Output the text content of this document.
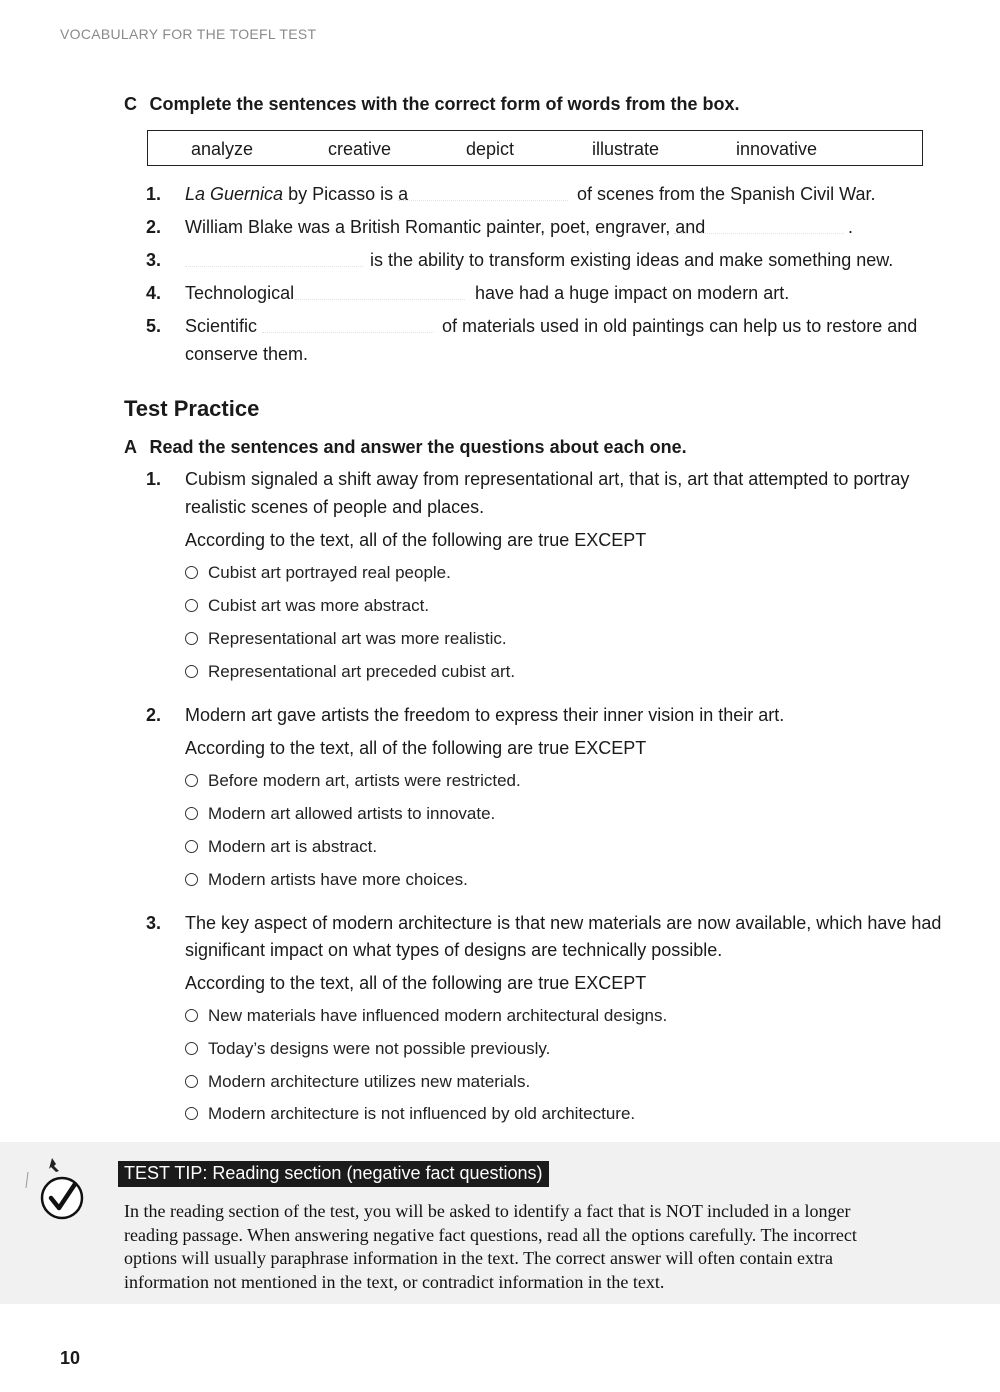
VOCABULARY FOR THE TOEFL TEST
C Complete the sentences with the correct form of words from the box.
analyze	creative	depict	illustrate	innovative
1.	La Guernica by Picasso is a	of scenes from the Spanish Civil War.
2.	William Blake was a British Romantic painter, poet, engraver, and	.
3.	is the ability to transform existing ideas and make something new.
4.	Technological	have had a huge impact on modern art.
5.	Scientific	of materials used in old paintings can help us to restore and
conserve them.
Test Practice
A Read the sentences and answer the questions about each one.
1.	Cubism signaled a shift away from representational art, that is, art that attempted to portray
realistic scenes of people and places.
According to the text, all of the following are true EXCEPT
Cubist art portrayed real people.
Cubist art was more abstract.
Representational art was more realistic.
Representational art preceded cubist art.
2.	Modern art gave artists the freedom to express their inner vision in their art.
According to the text, all of the following are true EXCEPT
Before modern art, artists were restricted.
Modern art allowed artists to innovate.
Modern art is abstract.
Modern artists have more choices.
3.	The key aspect of modern architecture is that new materials are now available, which have had
significant impact on what types of designs are technically possible.
According to the text, all of the following are true EXCEPT
New materials have influenced modern architectural designs.
Today’s designs were not possible previously.
Modern architecture utilizes new materials.
Modern architecture is not influenced by old architecture.
TEST TIP: Reading section (negative fact questions)
In the reading section of the test, you will be asked to identify a fact that is NOT included in a longer
reading passage. When answering negative fact questions, read all the options carefully. The incorrect
options will usually paraphrase information in the text. The correct answer will often contain extra
information not mentioned in the text, or contradict information in the text.
10
